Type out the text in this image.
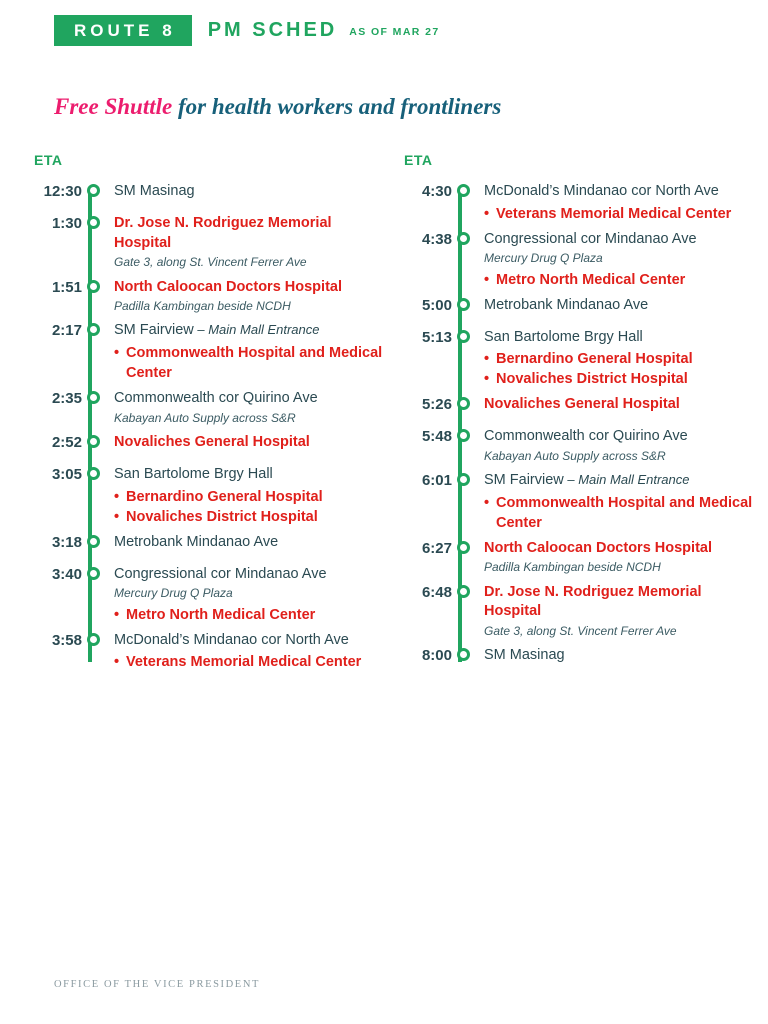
ROUTE 8	PM SCHED AS OF MAR 27
Free Shuttle for health workers and frontliners
ETA
12:30 SM Masinag
1:30 Dr. Jose N. Rodriguez Memorial Hospital
Gate 3, along St. Vincent Ferrer Ave
1:51 North Caloocan Doctors Hospital
Padilla Kambingan beside NCDH
2:17 SM Fairview – Main Mall Entrance
• Commonwealth Hospital and Medical Center
2:35 Commonwealth cor Quirino Ave
Kabayan Auto Supply across S&R
2:52 Novaliches General Hospital
3:05 San Bartolome Brgy Hall
• Bernardino General Hospital
• Novaliches District Hospital
3:18 Metrobank Mindanao Ave
3:40 Congressional cor Mindanao Ave
Mercury Drug Q Plaza
• Metro North Medical Center
3:58 McDonald’s Mindanao cor North Ave
• Veterans Memorial Medical Center
ETA
4:30 McDonald’s Mindanao cor North Ave
• Veterans Memorial Medical Center
4:38 Congressional cor Mindanao Ave
Mercury Drug Q Plaza
• Metro North Medical Center
5:00 Metrobank Mindanao Ave
5:13 San Bartolome Brgy Hall
• Bernardino General Hospital
• Novaliches District Hospital
5:26 Novaliches General Hospital
5:48 Commonwealth cor Quirino Ave
Kabayan Auto Supply across S&R
6:01 SM Fairview – Main Mall Entrance
• Commonwealth Hospital and Medical Center
6:27 North Caloocan Doctors Hospital
Padilla Kambingan beside NCDH
6:48 Dr. Jose N. Rodriguez Memorial Hospital
Gate 3, along St. Vincent Ferrer Ave
8:00 SM Masinag
OFFICE OF THE VICE PRESIDENT
